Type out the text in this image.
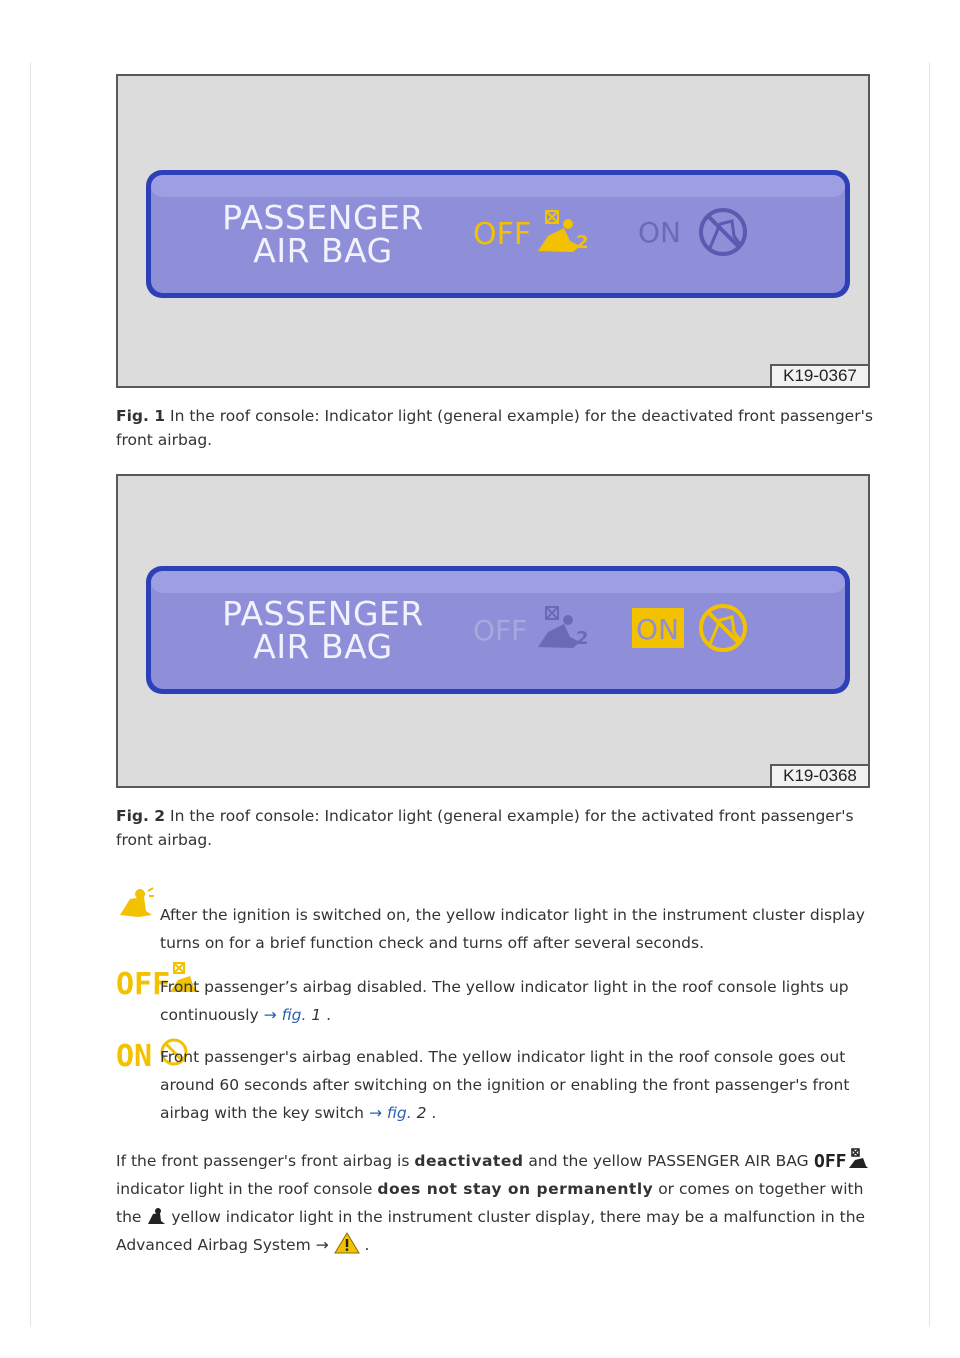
PASSENGER
AIR BAG	OFF 2 ON
K19-0367
Fig. 1 In the roof console: Indicator light (general example) for the deactivated front passenger's front airbag.
PASSENGER
AIR BAG	OFF	2 ON
K19-0368
Fig. 2 In the roof console: Indicator light (general example) for the activated front passenger's front airbag.
After the ignition is switched on, the yellow indicator light in the instrument cluster display turns on for a brief function check and turns off after several seconds.
OFF
Front passenger’s airbag disabled. The yellow indicator light in the roof console lights up continuously → fig. 1 .
ON Front passenger's airbag enabled. The yellow indicator light in the roof console goes out around 60 seconds after switching on the ignition or enabling the front passenger's front airbag with the key switch → fig. 2 .
If the front passenger's front airbag is deactivated and the yellow PASSENGER AIR BAG OFF
indicator light in the roof console does not stay on permanently or comes on together with the yellow indicator light in the instrument cluster display, there may be a malfunction in the Advanced Airbag System → .
